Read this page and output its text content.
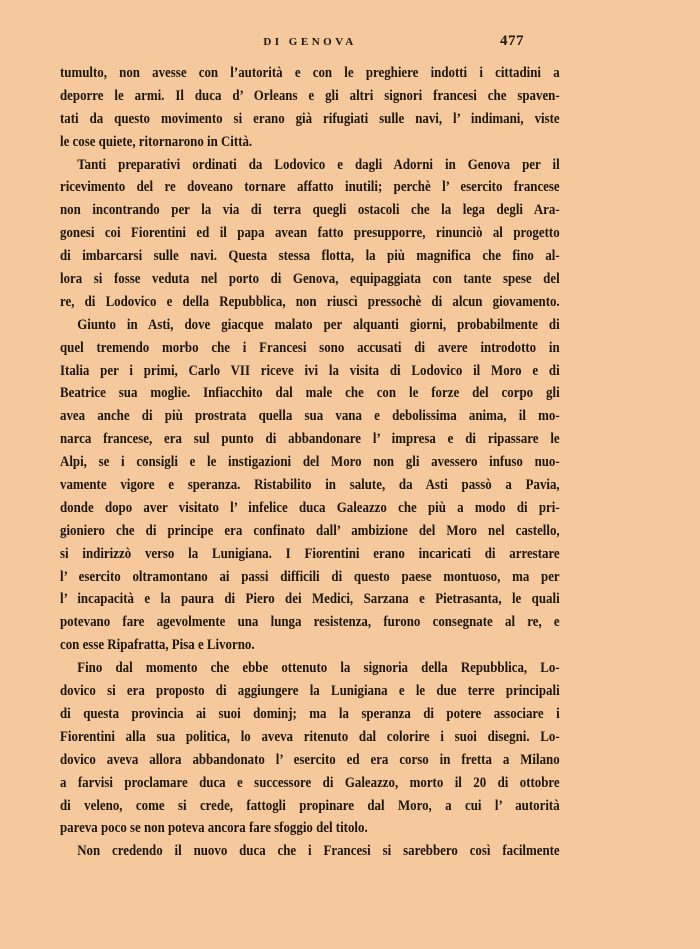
DI GENOVA	477
tumulto, non avesse con l’autorità e con le preghiere indotti i cittadini a
deporre le armi. Il duca d’ Orleans e gli altri signori francesi che spaven-
tati da questo movimento si erano già rifugiati sulle navi, l’ indimani, viste
le cose quiete, ritornarono in Città.
Tanti preparativi ordinati da Lodovico e dagli Adorni in Genova per il
ricevimento del re doveano tornare affatto inutili; perchè l’ esercito francese
non incontrando per la via di terra quegli ostacoli che la lega degli Ara-
gonesi coi Fiorentini ed il papa avean fatto presupporre, rinunciò al progetto
di imbarcarsi sulle navi. Questa stessa flotta, la più magnifica che fino al-
lora si fosse veduta nel porto di Genova, equipaggiata con tante spese del
re, di Lodovico e della Repubblica, non riuscì pressochè di alcun giovamento.
Giunto in Asti, dove giacque malato per alquanti giorni, probabilmente di
quel tremendo morbo che i Francesi sono accusati di avere introdotto in
Italia per i primi, Carlo VII riceve ivi la visita di Lodovico il Moro e di
Beatrice sua moglie. Infiacchito dal male che con le forze del corpo gli
avea anche di più prostrata quella sua vana e debolissima anima, il mo-
narca francese, era sul punto di abbandonare l’ impresa e di ripassare le
Alpi, se i consigli e le instigazioni del Moro non gli avessero infuso nuo-
vamente vigore e speranza. Ristabilito in salute, da Asti passò a Pavia,
donde dopo aver visitato l’ infelice duca Galeazzo che più a modo di pri-
gioniero che di principe era confinato dall’ ambizione del Moro nel castello,
si indirizzò verso la Lunigiana. I Fiorentini erano incaricati di arrestare
l’ esercito oltramontano ai passi difficili di questo paese montuoso, ma per
l’ incapacità e la paura di Piero dei Medici, Sarzana e Pietrasanta, le quali
potevano fare agevolmente una lunga resistenza, furono consegnate al re, e
con esse Ripafratta, Pisa e Livorno.
Fino dal momento che ebbe ottenuto la signoria della Repubblica, Lo-
dovico si era proposto di aggiungere la Lunigiana e le due terre principali
di questa provincia ai suoi dominj; ma la speranza di potere associare i
Fiorentini alla sua politica, lo aveva ritenuto dal colorire i suoi disegni. Lo-
dovico aveva allora abbandonato l’ esercito ed era corso in fretta a Milano
a farvisi proclamare duca e successore di Galeazzo, morto il 20 di ottobre
di veleno, come si crede, fattogli propinare dal Moro, a cui l’ autorità
pareva poco se non poteva ancora fare sfoggio del titolo.
Non credendo il nuovo duca che i Francesi si sarebbero così facilmente
